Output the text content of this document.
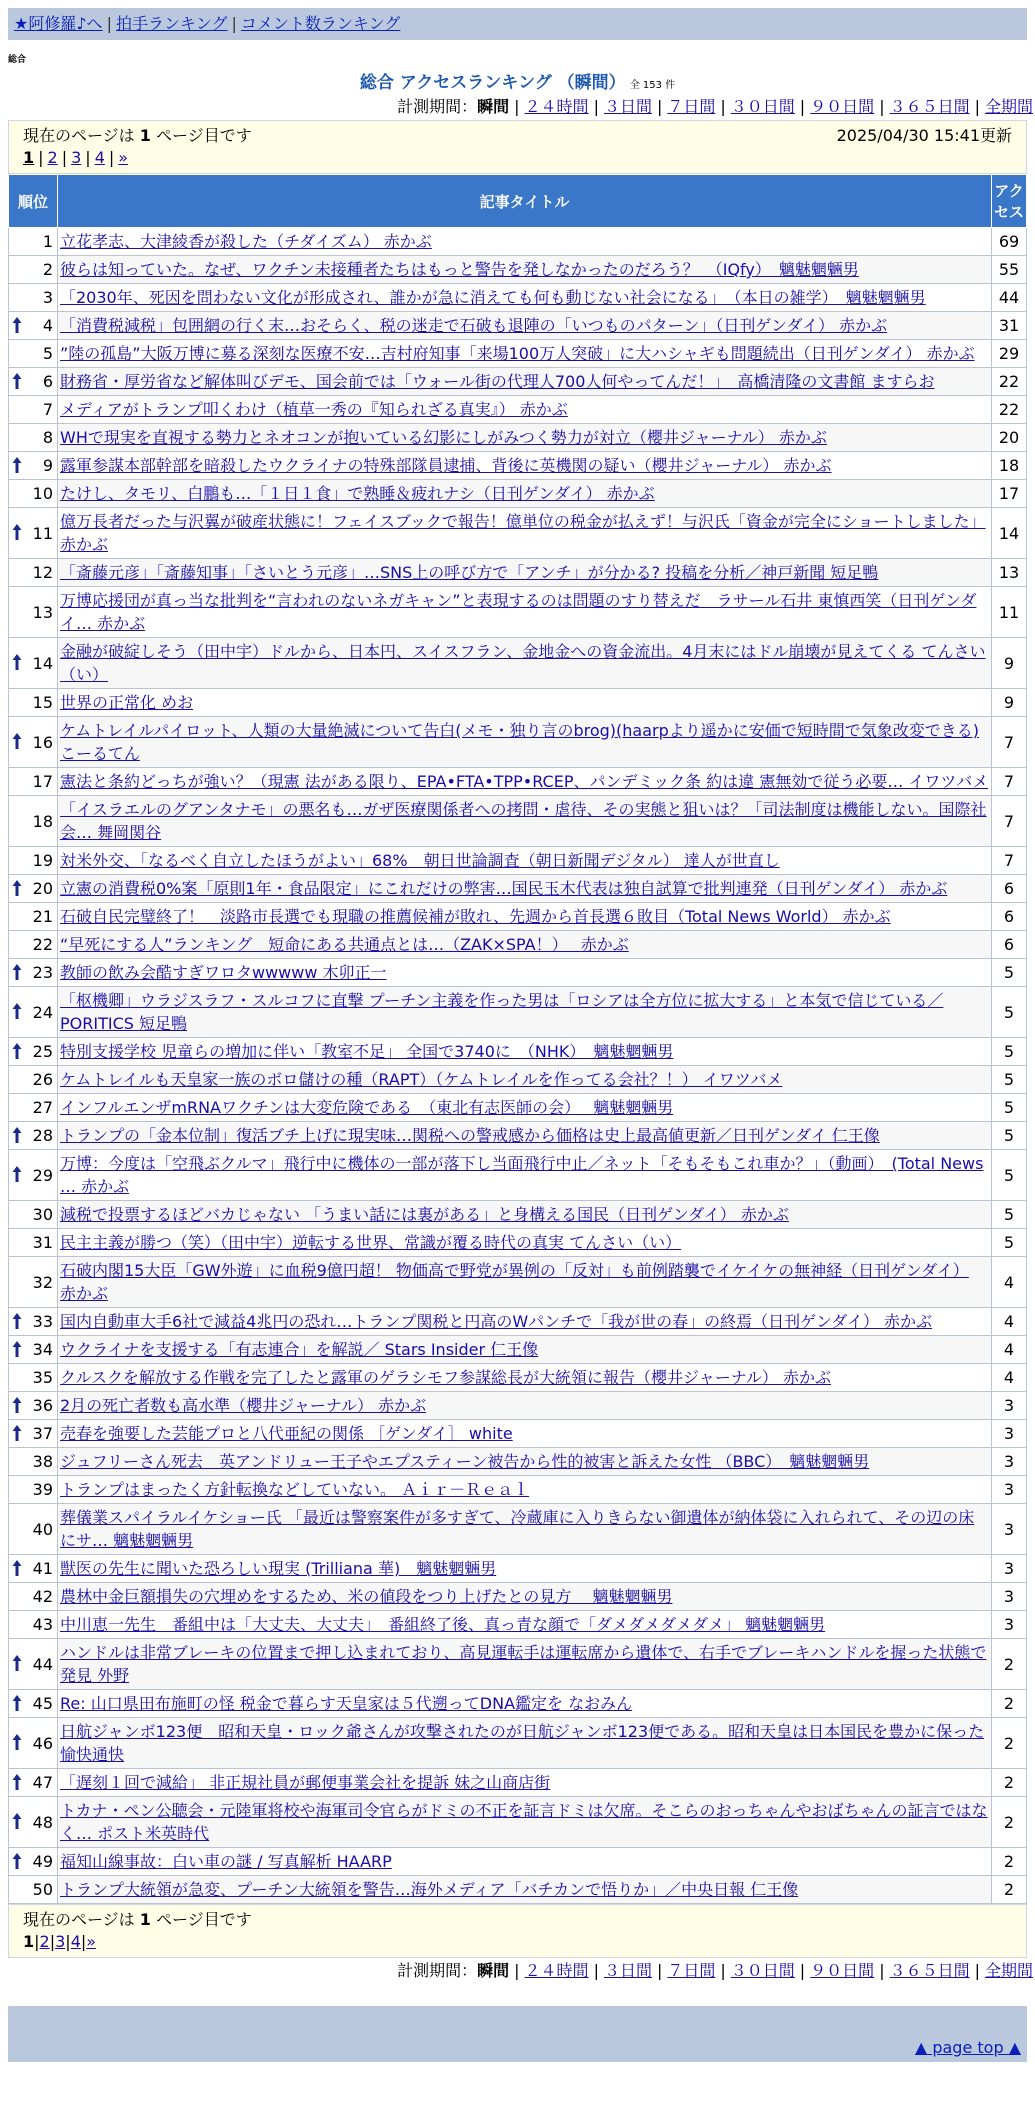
★阿修羅♪へ | 拍手ランキング | コメント数ランキング
総合
総合 アクセスランキング （瞬間） 全 153 件
計測期間：瞬間 | ２４時間 | ３日間 | ７日間 | ３０日間 | ９０日間 | ３６５日間 | 全期間
現在のページは 1 ページ目です	2025/04/30 15:41更新
1 | 2 | 3 | 4 | »
順位	記事タイトル	アクセス
1	立花孝志、大津綾香が殺した（チダイズム） 赤かぶ	69
2	彼らは知っていた。なぜ、ワクチン未接種者たちはもっと警告を発しなかったのだろう？　（IQfy）　魑魅魍魎男	55
3	「2030年、死因を問わない文化が形成され、誰かが急に消えても何も動じない社会になる」　（本日の雑学）　魑魅魍魎男	44

4	「消費税減税」包囲網の行く末…おそらく、税の迷走で石破も退陣の「いつものパターン」（日刊ゲンダイ） 赤かぶ	31
5	”陸の孤島”大阪万博に募る深刻な医療不安…吉村府知事「来場100万人突破」に大ハシャギも問題続出（日刊ゲンダイ） 赤かぶ	29

6	財務省・厚労省など解体叫びデモ、国会前では「ウォール街の代理人700人何やってんだ！」　高橋清隆の文書館 ますらお	22
7	メディアがトランプ叩くわけ（植草一秀の『知られざる真実』） 赤かぶ	22
8	WHで現実を直視する勢力とネオコンが抱いている幻影にしがみつく勢力が対立（櫻井ジャーナル） 赤かぶ	20

9	露軍参謀本部幹部を暗殺したウクライナの特殊部隊員逮捕、背後に英機関の疑い（櫻井ジャーナル） 赤かぶ	18
10	たけし、タモリ、白鵬も…「１日１食」で熟睡＆疲れナシ（日刊ゲンダイ） 赤かぶ	17

11	億万長者だった与沢翼が破産状態に！フェイスブックで報告！億単位の税金が払えず！与沢氏「資金が完全にショートしました」 赤かぶ	14
12	「斎藤元彦」「斎藤知事」「さいとう元彦」…SNS上の呼び方で「アンチ」が分かる? 投稿を分析／神戸新聞 短足鴨	13
13	万博応援団が真っ当な批判を“言われのないネガキャン”と表現するのは問題のすり替えだ　ラサール石井 東慎西笑（日刊ゲンダイ… 赤かぶ	11

14	金融が破綻しそう（田中宇）ドルから、日本円、スイスフラン、金地金への資金流出。4月末にはドル崩壊が見えてくる てんさい（い）	9
15	世界の正常化 めお	9

16	ケムトレイルパイロット、人類の大量絶滅について告白(メモ・独り言のbrog)(haarpより遥かに安価で短時間で気象改変できる) こーるてん	7
17	憲法と条約どっちが強い？（現憲 法がある限り、EPA•FTA•TPP•RCEP、パンデミック条 約は違 憲無効で従う必要… イワツバメ	7
18	「イスラエルのグアンタナモ」の悪名も…ガザ医療関係者への拷問・虐待、その実態と狙いは？「司法制度は機能しない。国際社会… 舞岡関谷	7
19	対米外交、「なるべく自立したほうがよい」68%　朝日世論調査（朝日新聞デジタル） 達人が世直し	7

20	立憲の消費税0%案「原則1年・食品限定」にこれだけの弊害…国民玉木代表は独自試算で批判連発（日刊ゲンダイ） 赤かぶ	6
21	石破自民完璧終了！　淡路市長選でも現職の推薦候補が敗れ、先週から首長選６敗目（Total News World） 赤かぶ	6
22	“早死にする人”ランキング　短命にある共通点とは…（ZAK×SPA！）　 赤かぶ	6

23	教師の飲み会酷すぎワロタwwwww 木卯正一	5

24	「枢機卿」ウラジスラフ・スルコフに直撃 プーチン主義を作った男は「ロシアは全方位に拡大する」と本気で信じている／PORITICS 短足鴨	5

25	特別支援学校 児童らの増加に伴い「教室不足」 全国で3740に　（NHK）　魑魅魍魎男	5
26	ケムトレイルも天皇家一族のボロ儲けの種（RAPT）（ケムトレイルを作ってる会社？！） イワツバメ	5
27	インフルエンザmRNAワクチンは大変危険である　（東北有志医師の会）　 魑魅魍魎男	5

28	トランプの「金本位制」復活ブチ上げに現実味…関税への警戒感から価格は史上最高値更新／日刊ゲンダイ 仁王像	5

29	万博：今度は「空飛ぶクルマ」飛行中に機体の一部が落下し当面飛行中止／ネット「そもそもこれ車か？」（動画）　(Total News … 赤かぶ	5
30	減税で投票するほどバカじゃない 「うまい話には裏がある」と身構える国民（日刊ゲンダイ） 赤かぶ	5
31	民主主義が勝つ（笑）（田中宇）逆転する世界、常識が覆る時代の真実 てんさい（い）	5
32	石破内閣15大臣「GW外遊」に血税9億円超！ 物価高で野党が異例の「反対」も前例踏襲でイケイケの無神経（日刊ゲンダイ） 赤かぶ	4

33	国内自動車大手6社で減益4兆円の恐れ…トランプ関税と円高のWパンチで「我が世の春」の終焉（日刊ゲンダイ） 赤かぶ	4

34	ウクライナを支援する「有志連合」を解説／ Stars Insider 仁王像	4
35	クルスクを解放する作戦を完了したと露軍のゲラシモフ参謀総長が大統領に報告（櫻井ジャーナル） 赤かぶ	4

36	2月の死亡者数も高水準（櫻井ジャーナル） 赤かぶ	3

37	売春を強要した芸能プロと八代亜紀の関係 ［ゲンダイ］ white	3
38	ジュフリーさん死去　英アンドリュー王子やエプスティーン被告から性的被害と訴えた女性 （BBC）　魑魅魍魎男	3
39	トランプはまったく方針転換などしていない。 Ａｉｒ－Ｒｅａｌ	3
40	葬儀業スパイラルイケショー氏 「最近は警察案件が多すぎて、冷蔵庫に入りきらない御遺体が納体袋に入れられて、その辺の床にサ… 魑魅魍魎男	3

41	獣医の先生に聞いた恐ろしい現実 (Trilliana 華)　魑魅魍魎男	3
42	農林中金巨額損失の穴埋めをするため、米の値段をつり上げたとの見方　 魑魅魍魎男	3
43	中川恵一先生　番組中は「大丈夫、大丈夫」　番組終了後、真っ青な顔で「ダメダメダメダメ」 魑魅魍魎男	3

44	ハンドルは非常ブレーキの位置まで押し込まれており、高見運転手は運転席から遺体で、右手でブレーキハンドルを握った状態で発見 外野	2

45	Re: 山口県田布施町の怪 税金で暮らす天皇家は５代遡ってDNA鑑定を なおみん	2

46	日航ジャンボ123便　昭和天皇・ロック爺さんが攻撃されたのが日航ジャンボ123便である。昭和天皇は日本国民を豊かに保った愉快通快	2

47	「遅刻１回で減給」 非正規社員が郵便事業会社を提訴 妹之山商店街	2

48	トカナ・ペン公聴会・元陸軍将校や海軍司令官らがドミの不正を証言ドミは欠席。そこらのおっちゃんやおばちゃんの証言ではなく… ポスト米英時代	2

49	福知山線事故：白い車の謎 / 写真解析 HAARP	2
50	トランプ大統領が急変、プーチン大統領を警告…海外メディア「バチカンで悟りか」／中央日報 仁王像	2
現在のページは 1 ページ目です
1|2|3|4|»
計測期間：瞬間 | ２４時間 | ３日間 | ７日間 | ３０日間 | ９０日間 | ３６５日間 | 全期間
▲ page top ▲
